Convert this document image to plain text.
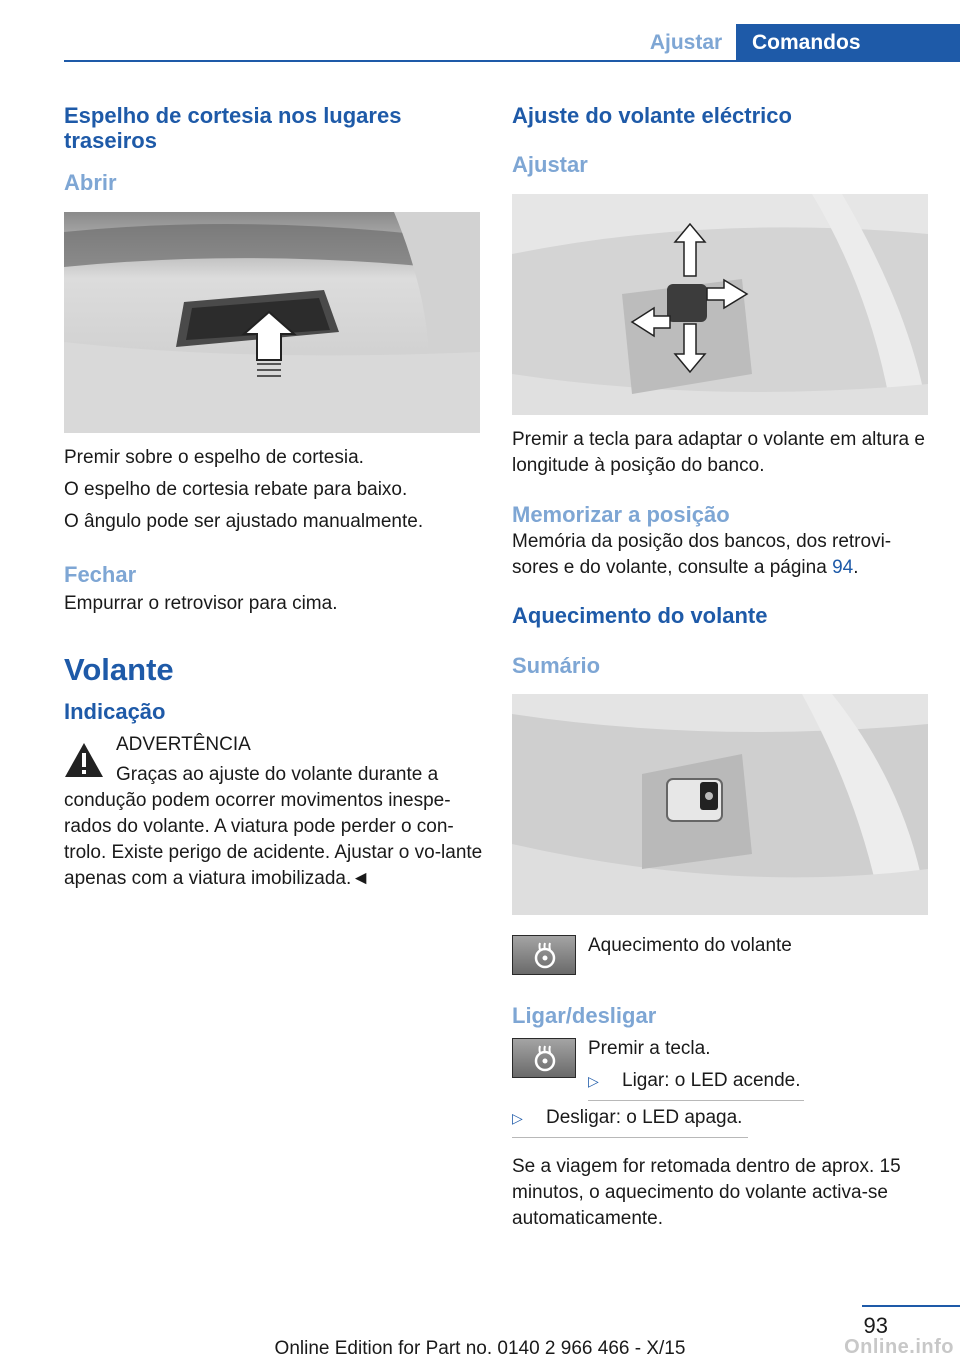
Ajustar	Comandos
Espelho de cortesia nos lugares traseiros
Abrir

Premir sobre o espelho de cortesia.

O espelho de cortesia rebate para baixo.

O ângulo pode ser ajustado manualmente.

Fechar

Empurrar o retrovisor para cima.

Volante
Indicação

ADVERTÊNCIA

Graças ao ajuste do volante durante a

condução podem ocorrer movimentos inespe-rados do volante. A viatura pode perder o con-trolo. Existe perigo de acidente. Ajustar o vo-lante apenas com a viatura imobilizada.◄

Ajuste do volante eléctrico
Ajustar

Premir a tecla para adaptar o volante em altura e longitude à posição do banco.

Memorizar a posição

Memória da posição dos bancos, dos retrovi-sores e do volante, consulte a página 94.

Aquecimento do volante
Sumário

Aquecimento do volante

Ligar/desligar

Premir a tecla.

▷ Ligar: o LED acende.
▷ Desligar: o LED apaga.

Se a viagem for retomada dentro de aprox. 15 minutos, o aquecimento do volante activa-se automaticamente.

93
Online Edition for Part no. 0140 2 966 466 - X/15	Online.info
